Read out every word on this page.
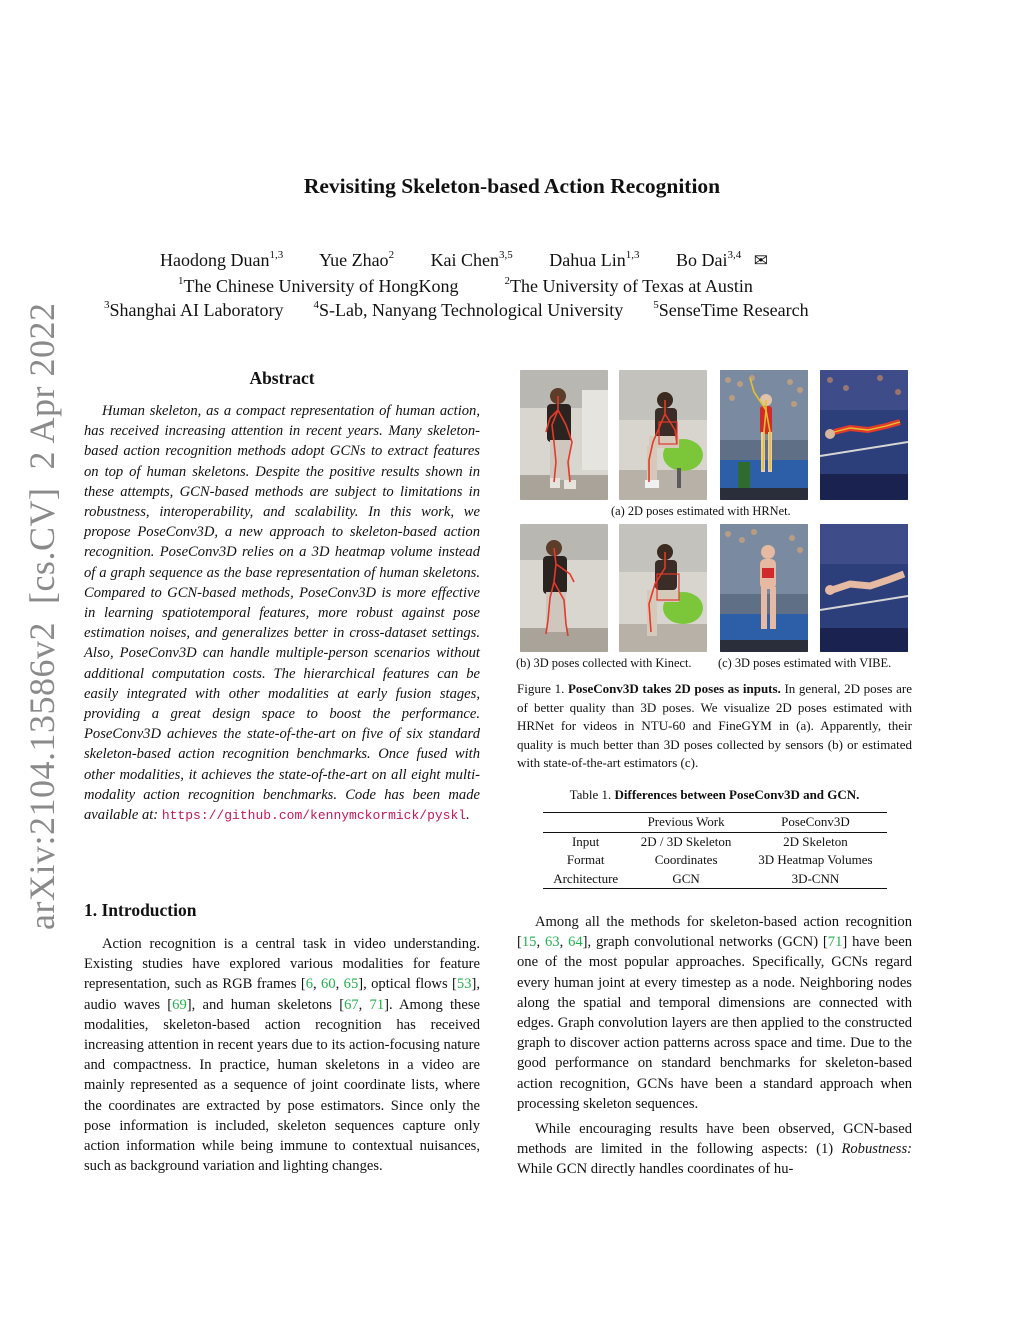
arXiv:2104.13586v2[cs.CV]2 Apr 2022
Revisiting Skeleton-based Action Recognition
Haodong Duan$^{1,3}$ Yue Zhao$^2$ Kai Chen$^{3,5}$ Dahua Lin$^{1,3}$ Bo Dai$^{3,4}$ ✉
$^1$The Chinese University of HongKong	$^2$The University of Texas at Austin
$^3$Shanghai AI Laboratory	$^4$S-Lab, Nanyang Technological University	$^5$SenseTime Research
Abstract
Human skeleton, as a compact representation of human action, has received increasing attention in recent years. Many skeleton-based action recognition methods adopt GCNs to extract features on top of human skeletons. Despite the positive results shown in these attempts, GCN-based methods are subject to limitations in robustness, interoperability, and scalability. In this work, we propose PoseConv3D, a new approach to skeleton-based action recognition. PoseConv3D relies on a 3D heatmap volume instead of a graph sequence as the base representation of human skeletons. Compared to GCN-based methods, PoseConv3D is more effective in learning spatiotemporal features, more robust against pose estimation noises, and generalizes better in cross-dataset settings. Also, PoseConv3D can handle multiple-person scenarios without additional computation costs. The hierarchical features can be easily integrated with other modalities at early fusion stages, providing a great design space to boost the performance. PoseConv3D achieves the state-of-the-art on five of six standard skeleton-based action recognition benchmarks. Once fused with other modalities, it achieves the state-of-the-art on all eight multi-modality action recognition benchmarks. Code has been made available at: https://github.com/kennymckormick/pyskl.
1. Introduction
Action recognition is a central task in video understanding. Existing studies have explored various modalities for feature representation, such as RGB frames [6, 60, 65], optical flows [53], audio waves [69], and human skeletons [67, 71]. Among these modalities, skeleton-based action recognition has received increasing attention in recent years due to its action-focusing nature and compactness. In practice, human skeletons in a video are mainly represented as a sequence of joint coordinate lists, where the coordinates are extracted by pose estimators. Since only the pose information is included, skeleton sequences capture only action information while being immune to contextual nuisances, such as background variation and lighting changes.
(a) 2D poses estimated with HRNet.
(b) 3D poses collected with Kinect. (c) 3D poses estimated with VIBE.
Figure 1. PoseConv3D takes 2D poses as inputs. In general, 2D poses are of better quality than 3D poses. We visualize 2D poses estimated with HRNet for videos in NTU-60 and FineGYM in (a). Apparently, their quality is much better than 3D poses collected by sensors (b) or estimated with state-of-the-art estimators (c).
Table 1. Differences between PoseConv3D and GCN.
	Previous Work	PoseConv3D
Input	2D / 3D Skeleton	2D Skeleton
Format	Coordinates	3D Heatmap Volumes
Architecture	GCN	3D-CNN

Among all the methods for skeleton-based action recognition [15, 63, 64], graph convolutional networks (GCN) [71] have been one of the most popular approaches. Specifically, GCNs regard every human joint at every timestep as a node. Neighboring nodes along the spatial and temporal dimensions are connected with edges. Graph convolution layers are then applied to the constructed graph to discover action patterns across space and time. Due to the good performance on standard benchmarks for skeleton-based action recognition, GCNs have been a standard approach when processing skeleton sequences.

While encouraging results have been observed, GCN-based methods are limited in the following aspects: (1) Robustness: While GCN directly handles coordinates of hu-
